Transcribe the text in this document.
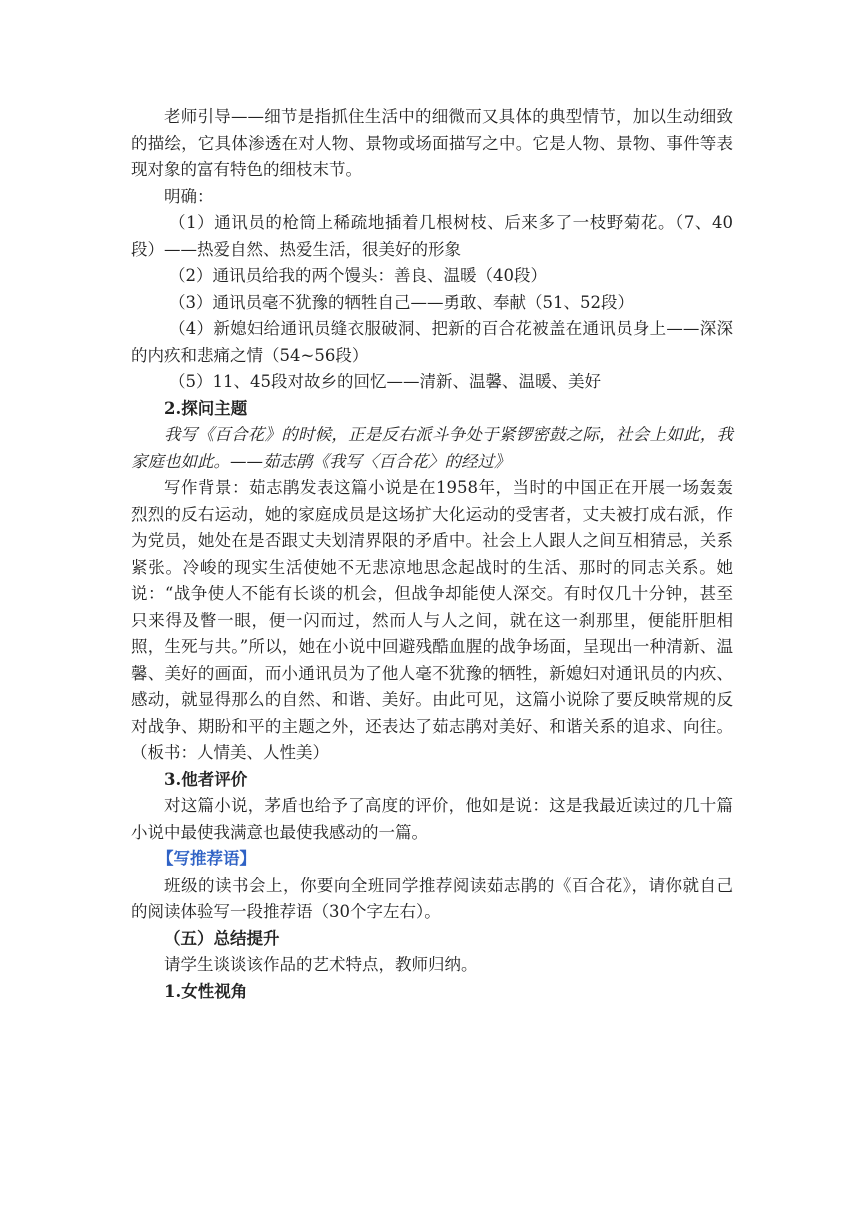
老师引导——细节是指抓住生活中的细微而又具体的典型情节，加以生动细致的描绘，它具体渗透在对人物、景物或场面描写之中。它是人物、景物、事件等表现对象的富有特色的细枝末节。

明确：

（1）通讯员的枪筒上稀疏地插着几根树枝、后来多了一枝野菊花。（7、40段）——热爱自然、热爱生活，很美好的形象

（2）通讯员给我的两个馒头：善良、温暖（40段）

（3）通讯员毫不犹豫的牺牲自己——勇敢、奉献（51、52段）

（4）新媳妇给通讯员缝衣服破洞、把新的百合花被盖在通讯员身上——深深的内疚和悲痛之情（54~56段）

（5）11、45段对故乡的回忆——清新、温馨、温暖、美好

2.探问主题

我写《百合花》的时候，正是反右派斗争处于紧锣密鼓之际，社会上如此，我家庭也如此。——茹志鹃《我写〈百合花〉的经过》

写作背景：茹志鹃发表这篇小说是在1958年，当时的中国正在开展一场轰轰烈烈的反右运动，她的家庭成员是这场扩大化运动的受害者，丈夫被打成右派，作为党员，她处在是否跟丈夫划清界限的矛盾中。社会上人跟人之间互相猜忌，关系紧张。冷峻的现实生活使她不无悲凉地思念起战时的生活、那时的同志关系。她说：“战争使人不能有长谈的机会，但战争却能使人深交。有时仅几十分钟，甚至只来得及瞥一眼，便一闪而过，然而人与人之间，就在这一刹那里，便能肝胆相照，生死与共。”所以，她在小说中回避残酷血腥的战争场面，呈现出一种清新、温馨、美好的画面，而小通讯员为了他人毫不犹豫的牺牲，新媳妇对通讯员的内疚、感动，就显得那么的自然、和谐、美好。由此可见，这篇小说除了要反映常规的反对战争、期盼和平的主题之外，还表达了茹志鹃对美好、和谐关系的追求、向往。（板书：人情美、人性美）

3.他者评价

对这篇小说，茅盾也给予了高度的评价，他如是说：这是我最近读过的几十篇小说中最使我满意也最使我感动的一篇。

【写推荐语】

班级的读书会上，你要向全班同学推荐阅读茹志鹃的《百合花》，请你就自己的阅读体验写一段推荐语（30个字左右）。

（五）总结提升

请学生谈谈该作品的艺术特点，教师归纳。

1.女性视角
